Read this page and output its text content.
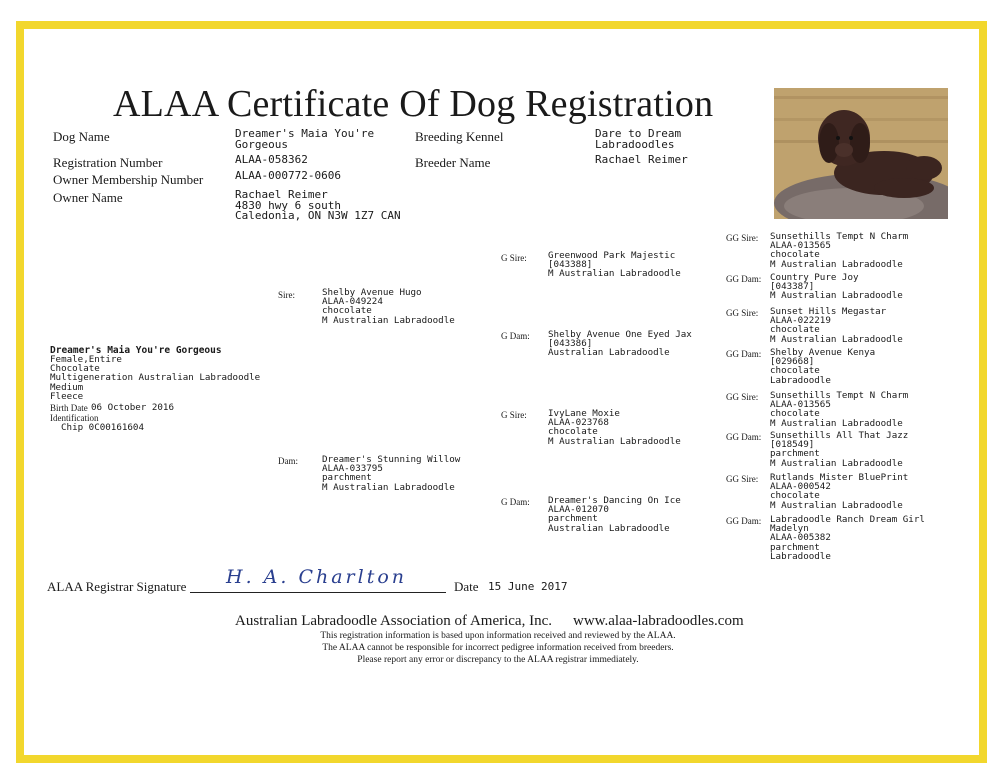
ALAA Certificate Of Dog Registration
Dog Name	Dreamer's Maia You're
Gorgeous
Registration Number	ALAA-058362
Owner Membership Number	ALAA-000772-0606
Owner Name	Rachael Reimer
4830 hwy 6 south
Caledonia, ON N3W 1Z7 CAN
Breeding Kennel	Dare to Dream
Labradoodles
Breeder Name	Rachael Reimer
Dreamer's Maia You're Gorgeous
Female,Entire
Chocolate
Multigeneration Australian Labradoodle
Medium
Fleece
Birth Date 06 October 2016
Identification
Chip 0C00161604
Sire:	Shelby Avenue Hugo
ALAA-049224
chocolate
M Australian Labradoodle
Dam:	Dreamer's Stunning Willow
ALAA-033795
parchment
M Australian Labradoodle
G Sire: Greenwood Park Majestic
[043388]
M Australian Labradoodle
G Dam: Shelby Avenue One Eyed Jax
[043386]
Australian Labradoodle
G Sire: IvyLane Moxie
ALAA-023768
chocolate
M Australian Labradoodle
G Dam: Dreamer's Dancing On Ice
ALAA-012070
parchment
Australian Labradoodle
GG Sire: Sunsethills Tempt N Charm
ALAA-013565
chocolate
M Australian Labradoodle
GG Dam: Country Pure Joy
[043387]
M Australian Labradoodle
GG Sire: Sunset Hills Megastar
ALAA-022219
chocolate
M Australian Labradoodle
GG Dam: Shelby Avenue Kenya
[029668]
chocolate
Labradoodle
GG Sire: Sunsethills Tempt N Charm
ALAA-013565
chocolate
M Australian Labradoodle
GG Dam: Sunsethills All That Jazz
[018549]
parchment
M Australian Labradoodle
GG Sire: Rutlands Mister BluePrint
ALAA-000542
chocolate
M Australian Labradoodle
GG Dam: Labradoodle Ranch Dream Girl
Madelyn
ALAA-005382
parchment
Labradoodle
ALAA Registrar Signature H. A. Charlton	Date 15 June 2017
Australian Labradoodle Association of America, Inc. www.alaa-labradoodles.com
This registration information is based upon information received and reviewed by the ALAA.
The ALAA cannot be responsible for incorrect pedigree information received from breeders.
Please report any error or discrepancy to the ALAA registrar immediately.
